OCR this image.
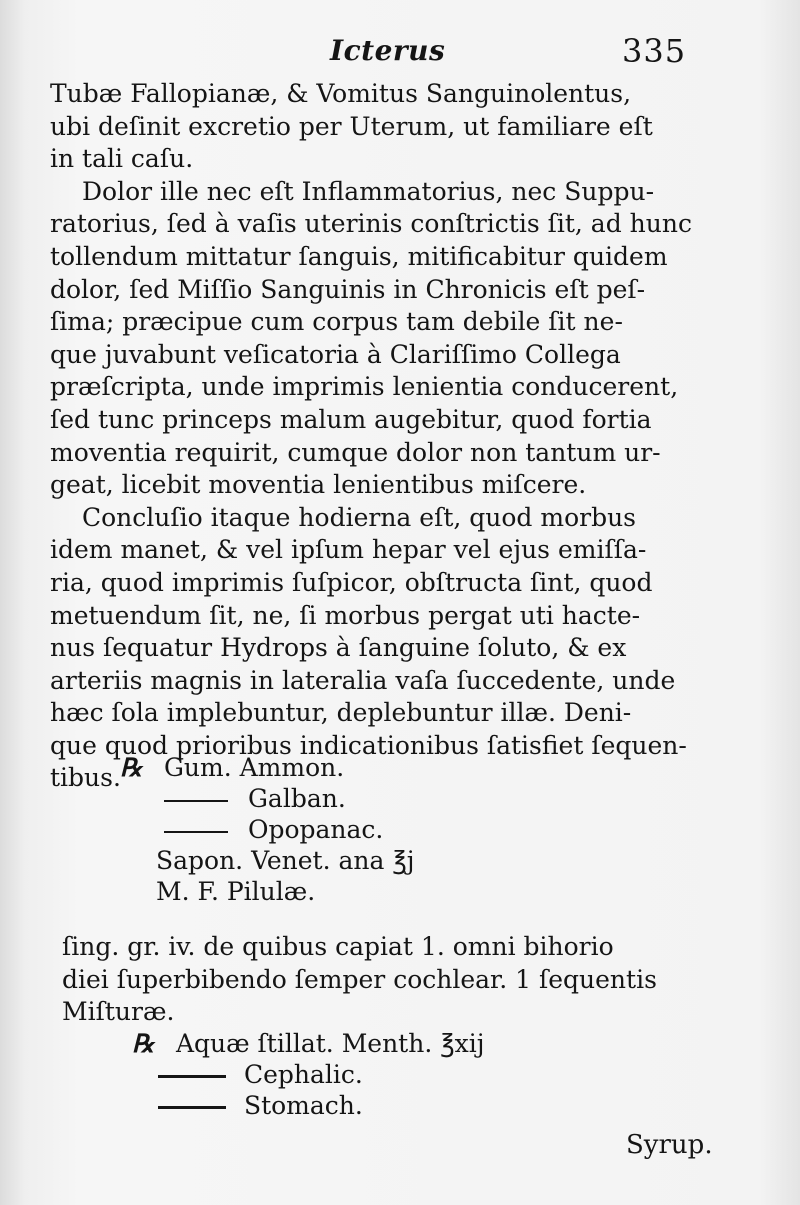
Icterus	335
Tubæ Fallopianæ, & Vomitus Sanguinolentus,
ubi deſinit excretio per Uterum, ut familiare eſt
in tali caſu.
Dolor ille nec eſt Inflammatorius, nec Suppu-
ratorius, ſed à vaſis uterinis conſtrictis ſit, ad hunc
tollendum mittatur ſanguis, mitificabitur quidem
dolor, ſed Miſſio Sanguinis in Chronicis eſt peſ-
ſima; præcipue cum corpus tam debile ſit ne-
que juvabunt veſicatoria à Clariſſimo Collega
præſcripta, unde imprimis lenientia conducerent,
ſed tunc princeps malum augebitur, quod fortia
moventia requirit, cumque dolor non tantum ur-
geat, licebit moventia lenientibus miſcere.
Concluſio itaque hodierna eſt, quod morbus
idem manet, & vel ipſum hepar vel ejus emiſſa-
ria, quod imprimis ſuſpicor, obſtructa ſint, quod
metuendum ſit, ne, ſi morbus pergat uti hacte-
nus ſequatur Hydrops à ſanguine ſoluto, & ex
arteriis magnis in lateralia vaſa ſuccedente, unde
hæc ſola implebuntur, deplebuntur illæ. Deni-
que quod prioribus indicationibus ſatisfiet ſequen-
tibus. ℞ Gum. Ammon.
Galban.
Opopanac.
Sapon. Venet. ana ℥j
M. F. Pilulæ.
ſing. gr. iv. de quibus capiat 1. omni bihorio
diei ſuperbibendo ſemper cochlear. 1 ſequentis
Miſturæ.
℞ Aquæ ſtillat. Menth. ℥xij
Cephalic.
Stomach.
Syrup.
